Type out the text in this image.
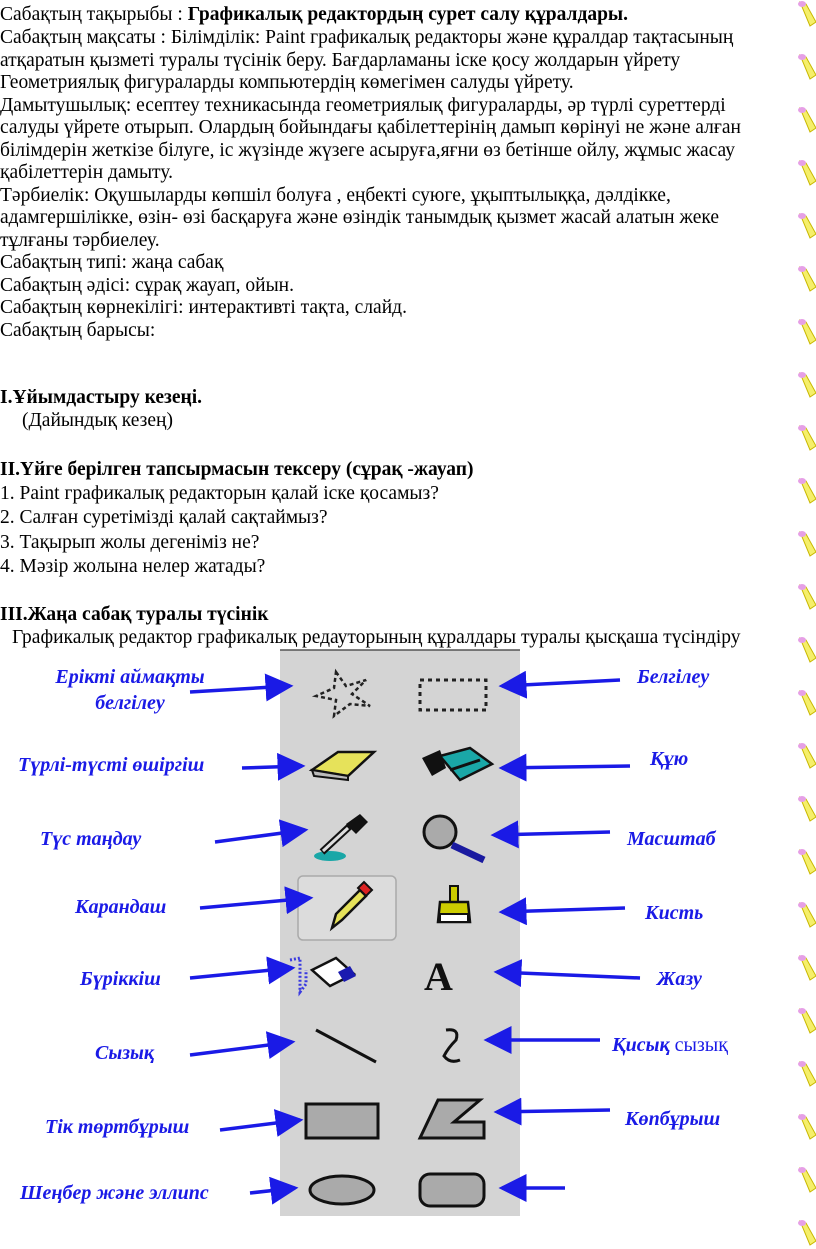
Сабақтың тақырыбы : Графикалық редактордың сурет салу құралдары.
Сабақтың мақсаты : Білімділік: Paint графикалық редакторы және құралдар тақтасының
атқаратын қызметі туралы түсінік беру. Бағдарламаны іске қосу жолдарын үйрету
Геометриялық фигураларды компьютердің көмегімен салуды үйрету.
Дамытушылық: есептеу техникасында геометриялық фигураларды, әр түрлі суреттерді
салуды үйрете отырып. Олардың бойындағы қабілеттерінің дамып көрінуі не және алған
білімдерін жеткізе білуге, іс жүзінде жүзеге асыруға,яғни өз бетінше ойлу, жұмыс жасау
қабілеттерін дамыту.
Тәрбиелік: Оқушыларды көпшіл болуға , еңбекті суюге, ұқыптылыққа, дәлдікке,
адамгершілікке, өзін- өзі басқаруға және өзіндік танымдық қызмет жасай алатын жеке
тұлғаны тәрбиелеу.
Сабақтың типі: жаңа сабақ
Сабақтың әдісі: сұрақ жауап, ойын.
Сабақтың көрнекілігі: интерактивті тақта, слайд.
Сабақтың барысы:
I.Ұйымдастыру кезеңі.
(Дайындық кезең)
II.Үйге берілген тапсырмасын тексеру (сұрақ -жауап)
1. Paint графикалық редакторын қалай іске қосамыз?
2. Салған суретімізді қалай сақтаймыз?
3. Тақырып жолы дегеніміз не?
4. Мәзір жолына нелер жатады?
III.Жаңа сабақ туралы түсінік
Графикалық редактор графикалық редауторының құралдары туралы қысқаша түсіндіру
A
Еріктi аймақты
белгілеу
Түрлі-түсті өшіргіш
Түс таңдау
Карандаш
Бүріккіш
Сызық
Тік төртбұрыш
Шеңбер және эллипс
Белгілеу
Құю
Масштаб
Кисть
Жазу
Қисық сызық
Көпбұрыш
